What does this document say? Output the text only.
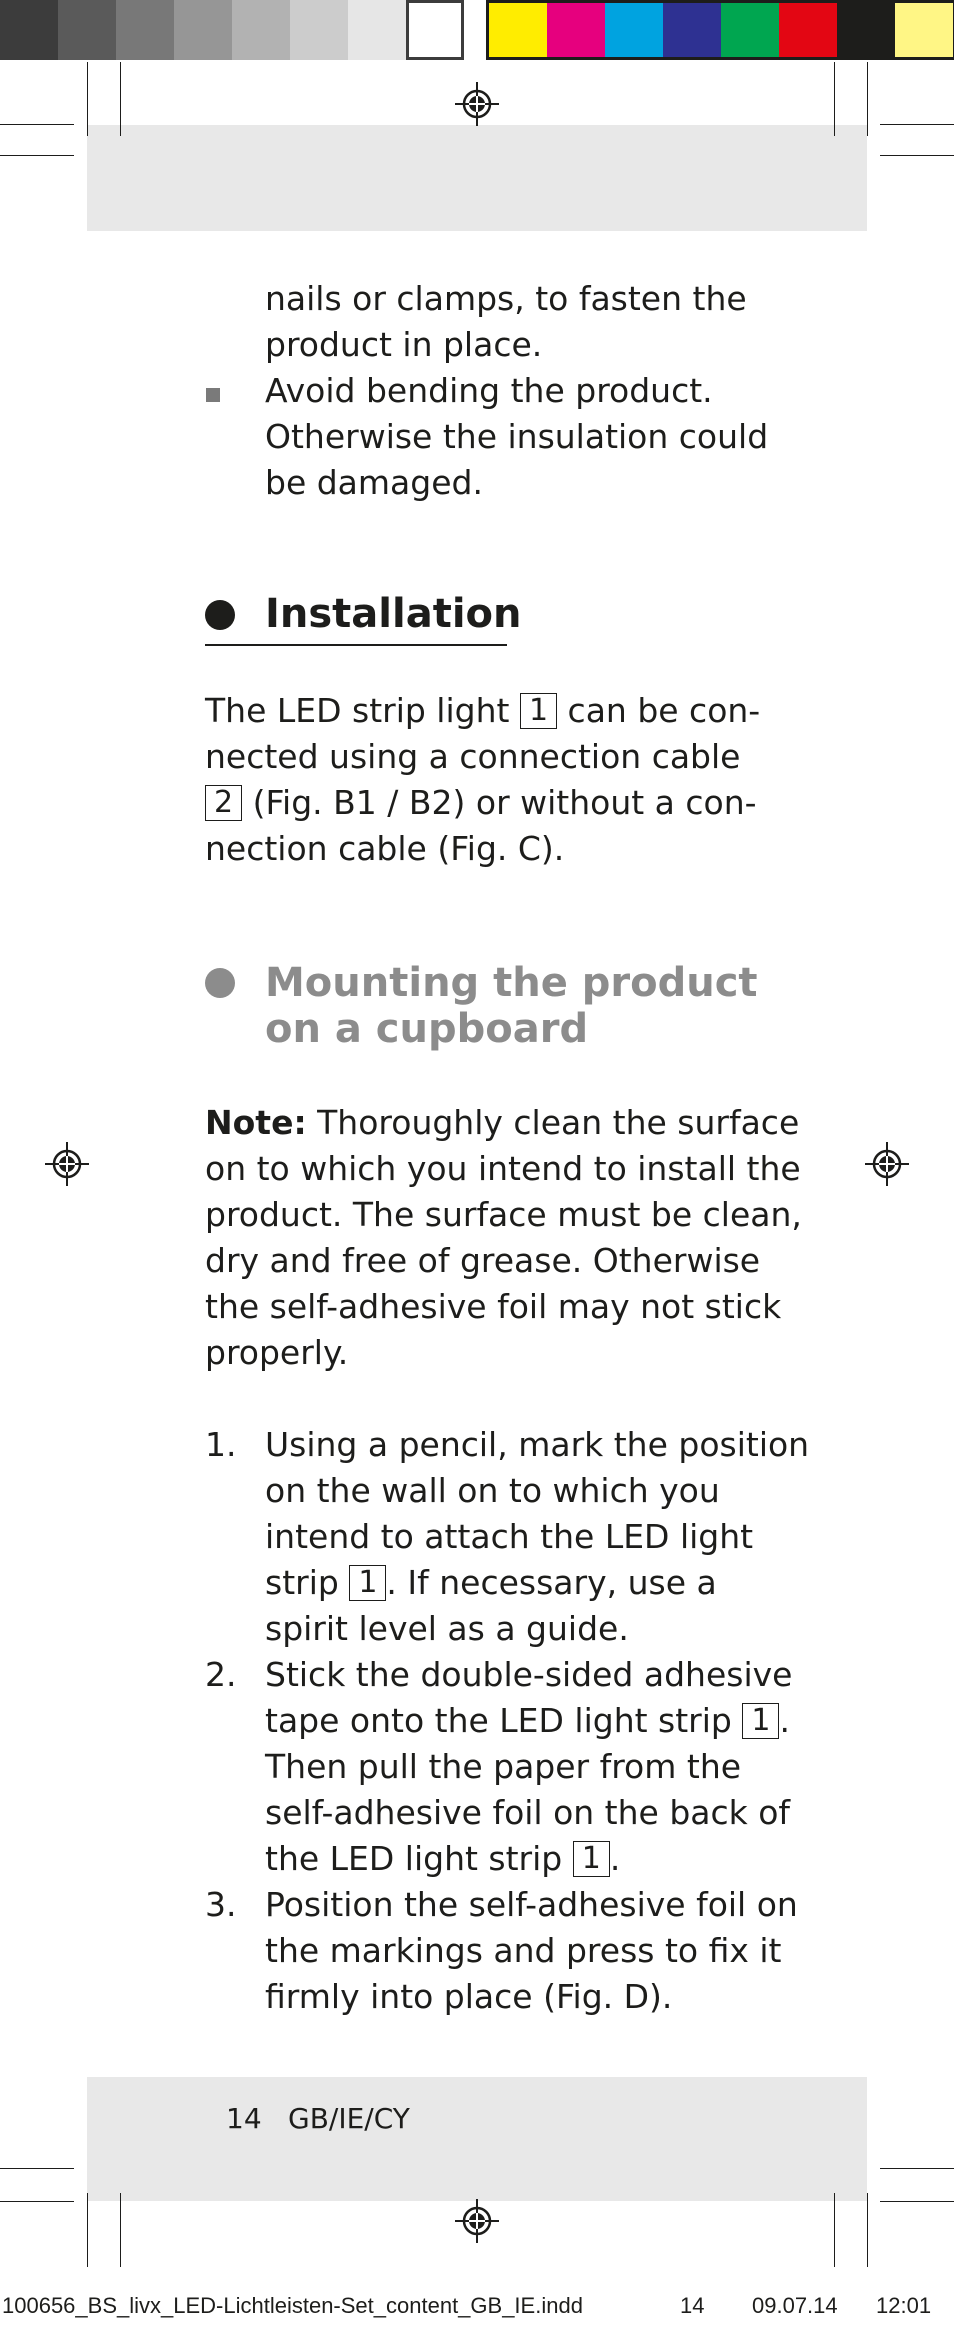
nails or clamps, to fasten the
product in place.
Avoid bending the product.
Otherwise the insulation could
be damaged.
Installation
The LED strip light 1 can be con-
nected using a connection cable
2 (Fig. B1 / B2) or without a con-
nection cable (Fig. C).
Mounting the product
on a cupboard
Note: Thoroughly clean the surface
on to which you intend to install the
product. The surface must be clean,
dry and free of grease. Otherwise
the self-adhesive foil may not stick
properly.
1. Using a pencil, mark the position
on the wall on to which you
intend to attach the LED light
strip 1 . If necessary, use a
spirit level as a guide.
2. Stick the double-sided adhesive
tape onto the LED light strip 1 .
Then pull the paper from the
self-adhesive foil on the back of
the LED light strip 1 .
3. Position the self-adhesive foil on
the markings and press to fix it
firmly into place (Fig. D).
14 GB/IE/CY
100656_BS_livx_LED-Lichtleisten-Set_content_GB_IE.indd	14 09.07.14 12:01
